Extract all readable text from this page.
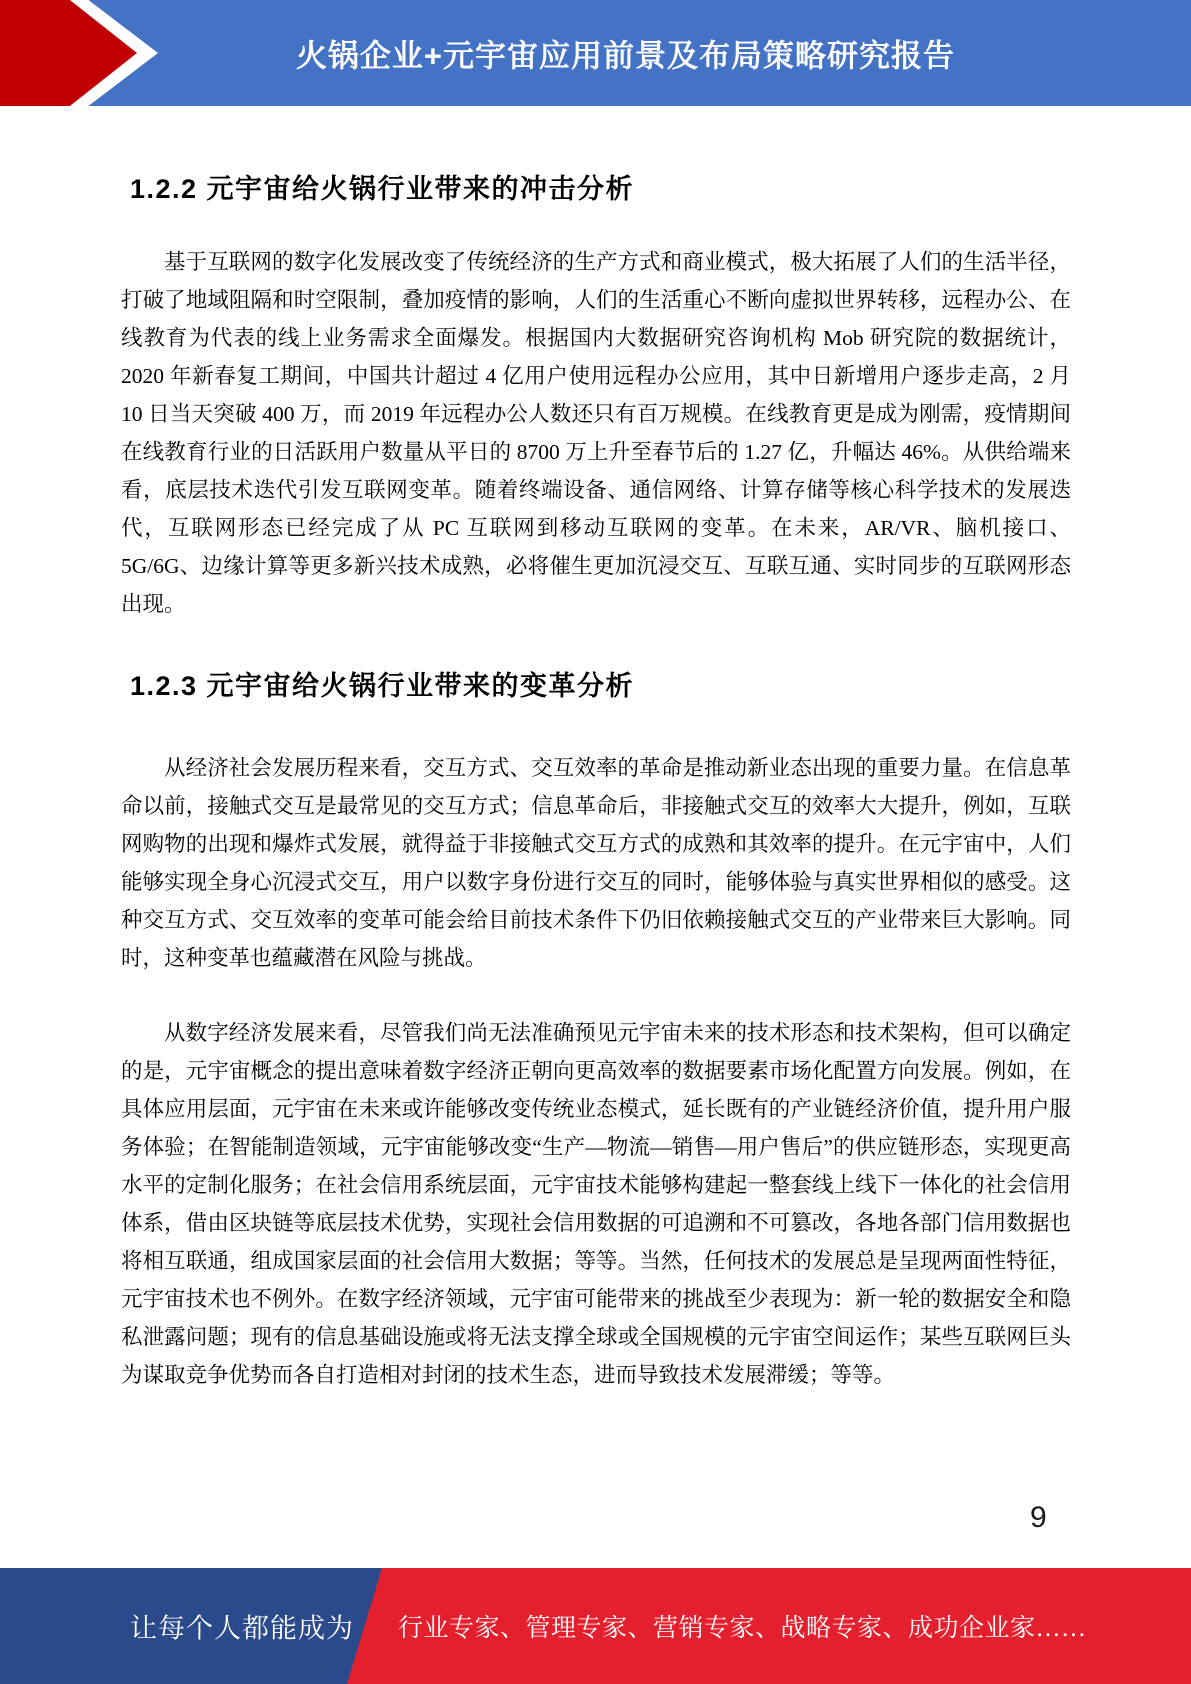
火锅企业+元宇宙应用前景及布局策略研究报告
1.2.2 元宇宙给火锅行业带来的冲击分析

基于互联网的数字化发展改变了传统经济的生产方式和商业模式，极大拓展了人们的生活半径，打破了地域阻隔和时空限制，叠加疫情的影响，人们的生活重心不断向虚拟世界转移，远程办公、在线教育为代表的线上业务需求全面爆发。根据国内大数据研究咨询机构 Mob 研究院的数据统计，2020 年新春复工期间，中国共计超过 4 亿用户使用远程办公应用，其中日新增用户逐步走高，2 月 10 日当天突破 400 万，而 2019 年远程办公人数还只有百万规模。在线教育更是成为刚需，疫情期间在线教育行业的日活跃用户数量从平日的 8700 万上升至春节后的 1.27 亿，升幅达 46%。从供给端来看，底层技术迭代引发互联网变革。随着终端设备、通信网络、计算存储等核心科学技术的发展迭代，互联网形态已经完成了从 PC 互联网到移动互联网的变革。在未来，AR/VR、脑机接口、5G/6G、边缘计算等更多新兴技术成熟，必将催生更加沉浸交互、互联互通、实时同步的互联网形态出现。

1.2.3 元宇宙给火锅行业带来的变革分析

从经济社会发展历程来看，交互方式、交互效率的革命是推动新业态出现的重要力量。在信息革命以前，接触式交互是最常见的交互方式；信息革命后，非接触式交互的效率大大提升，例如，互联网购物的出现和爆炸式发展，就得益于非接触式交互方式的成熟和其效率的提升。在元宇宙中，人们能够实现全身心沉浸式交互，用户以数字身份进行交互的同时，能够体验与真实世界相似的感受。这种交互方式、交互效率的变革可能会给目前技术条件下仍旧依赖接触式交互的产业带来巨大影响。同时，这种变革也蕴藏潜在风险与挑战。

从数字经济发展来看，尽管我们尚无法准确预见元宇宙未来的技术形态和技术架构，但可以确定的是，元宇宙概念的提出意味着数字经济正朝向更高效率的数据要素市场化配置方向发展。例如，在具体应用层面，元宇宙在未来或许能够改变传统业态模式，延长既有的产业链经济价值，提升用户服务体验；在智能制造领域，元宇宙能够改变“生产—物流—销售—用户售后”的供应链形态，实现更高水平的定制化服务；在社会信用系统层面，元宇宙技术能够构建起一整套线上线下一体化的社会信用体系，借由区块链等底层技术优势，实现社会信用数据的可追溯和不可篡改，各地各部门信用数据也将相互联通，组成国家层面的社会信用大数据；等等。当然，任何技术的发展总是呈现两面性特征，元宇宙技术也不例外。在数字经济领域，元宇宙可能带来的挑战至少表现为：新一轮的数据安全和隐私泄露问题；现有的信息基础设施或将无法支撑全球或全国规模的元宇宙空间运作；某些互联网巨头为谋取竞争优势而各自打造相对封闭的技术生态，进而导致技术发展滞缓；等等。

9
让每个人都能成为 行业专家、管理专家、营销专家、战略专家、成功企业家……
